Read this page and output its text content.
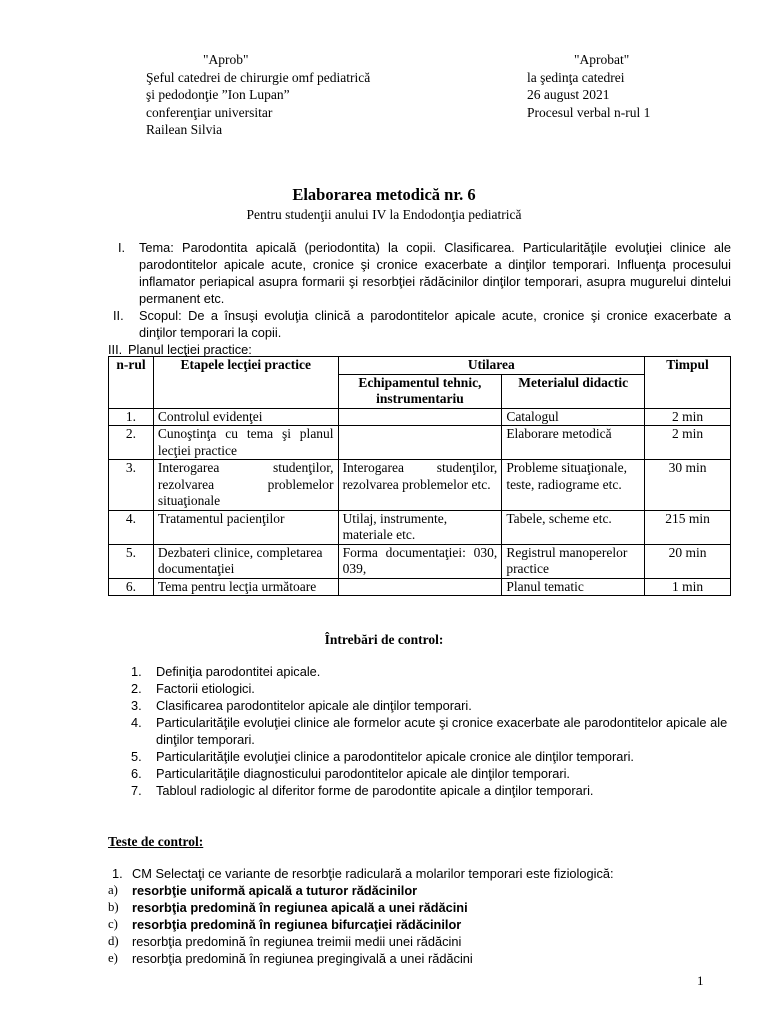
"Aprob"
Şeful catedrei de chirurgie omf pediatrică
şi pedodonţie ”Ion Lupan”
conferenţiar universitar
Railean Silvia
"Aprobat"
la şedinţa catedrei
26 august 2021
Procesul verbal n-rul 1
Elaborarea metodică nr. 6
Pentru studenţii anului IV la Endodonţia pediatrică
I. Tema: Parodontita apicală (periodontita) la copii. Clasificarea. Particularităţile evoluţiei clinice ale parodontitelor apicale acute, cronice şi cronice exacerbate a dinţilor temporari. Influenţa procesului inflamator periapical asupra formarii şi resorbţiei rădăcinilor dinţilor temporari, asupra mugurelui dintelui permanent etc.
II. Scopul: De a însuşi evoluţia clinică a parodontitelor apicale acute, cronice şi cronice exacerbate a dinţilor temporari la copii.
III. Planul lecţiei practice:
n-rul	Etapele lecţiei practice	Utilarea		Timpul
		Echipamentul tehnic, instrumentariu	Meterialul didactic	
1.	Controlul evidenţei		Catalogul	2 min
2.	Cunoştinţa cu tema şi planul lecţiei practice		Elaborare metodică	2 min
3.	Interogarea studenţilor, rezolvarea problemelor situaţionale	Interogarea studenţilor, rezolvarea problemelor etc.	Probleme situaţionale, teste, radiograme etc.	30 min
4.	Tratamentul pacienţilor	Utilaj, instrumente, materiale etc.	Tabele, scheme etc.	215 min
5.	Dezbateri clinice, completarea documentaţiei	Forma documentaţiei: 030, 039,	Registrul manoperelor practice	20 min
6.	Tema pentru lecţia următoare		Planul tematic	1 min
Întrebări de control:
1. Definiţia parodontitei apicale.
2. Factorii etiologici.
3. Clasificarea parodontitelor apicale ale dinţilor temporari.
4. Particularităţile evoluţiei clinice ale formelor acute şi cronice exacerbate ale parodontitelor apicale ale dinţilor temporari.
5. Particularităţile evoluţiei clinice a parodontitelor apicale cronice ale dinţilor temporari.
6. Particularităţile diagnosticului parodontitelor apicale ale dinţilor temporari.
7. Tabloul radiologic al diferitor forme de parodontite apicale a dinţilor temporari.
Teste de control:
1. CM Selectaţi ce variante de resorbţie radiculară a molarilor temporari este fiziologică:
a) resorbţie uniformă apicală a tuturor rădăcinilor
b) resorbţia predomină în regiunea apicală a unei rădăcini
c) resorbţia predomină în regiunea bifurcaţiei rădăcinilor
d) resorbţia predomină în regiunea treimii medii unei rădăcini
e) resorbţia predomină în regiunea pregingivală a unei rădăcini
1
